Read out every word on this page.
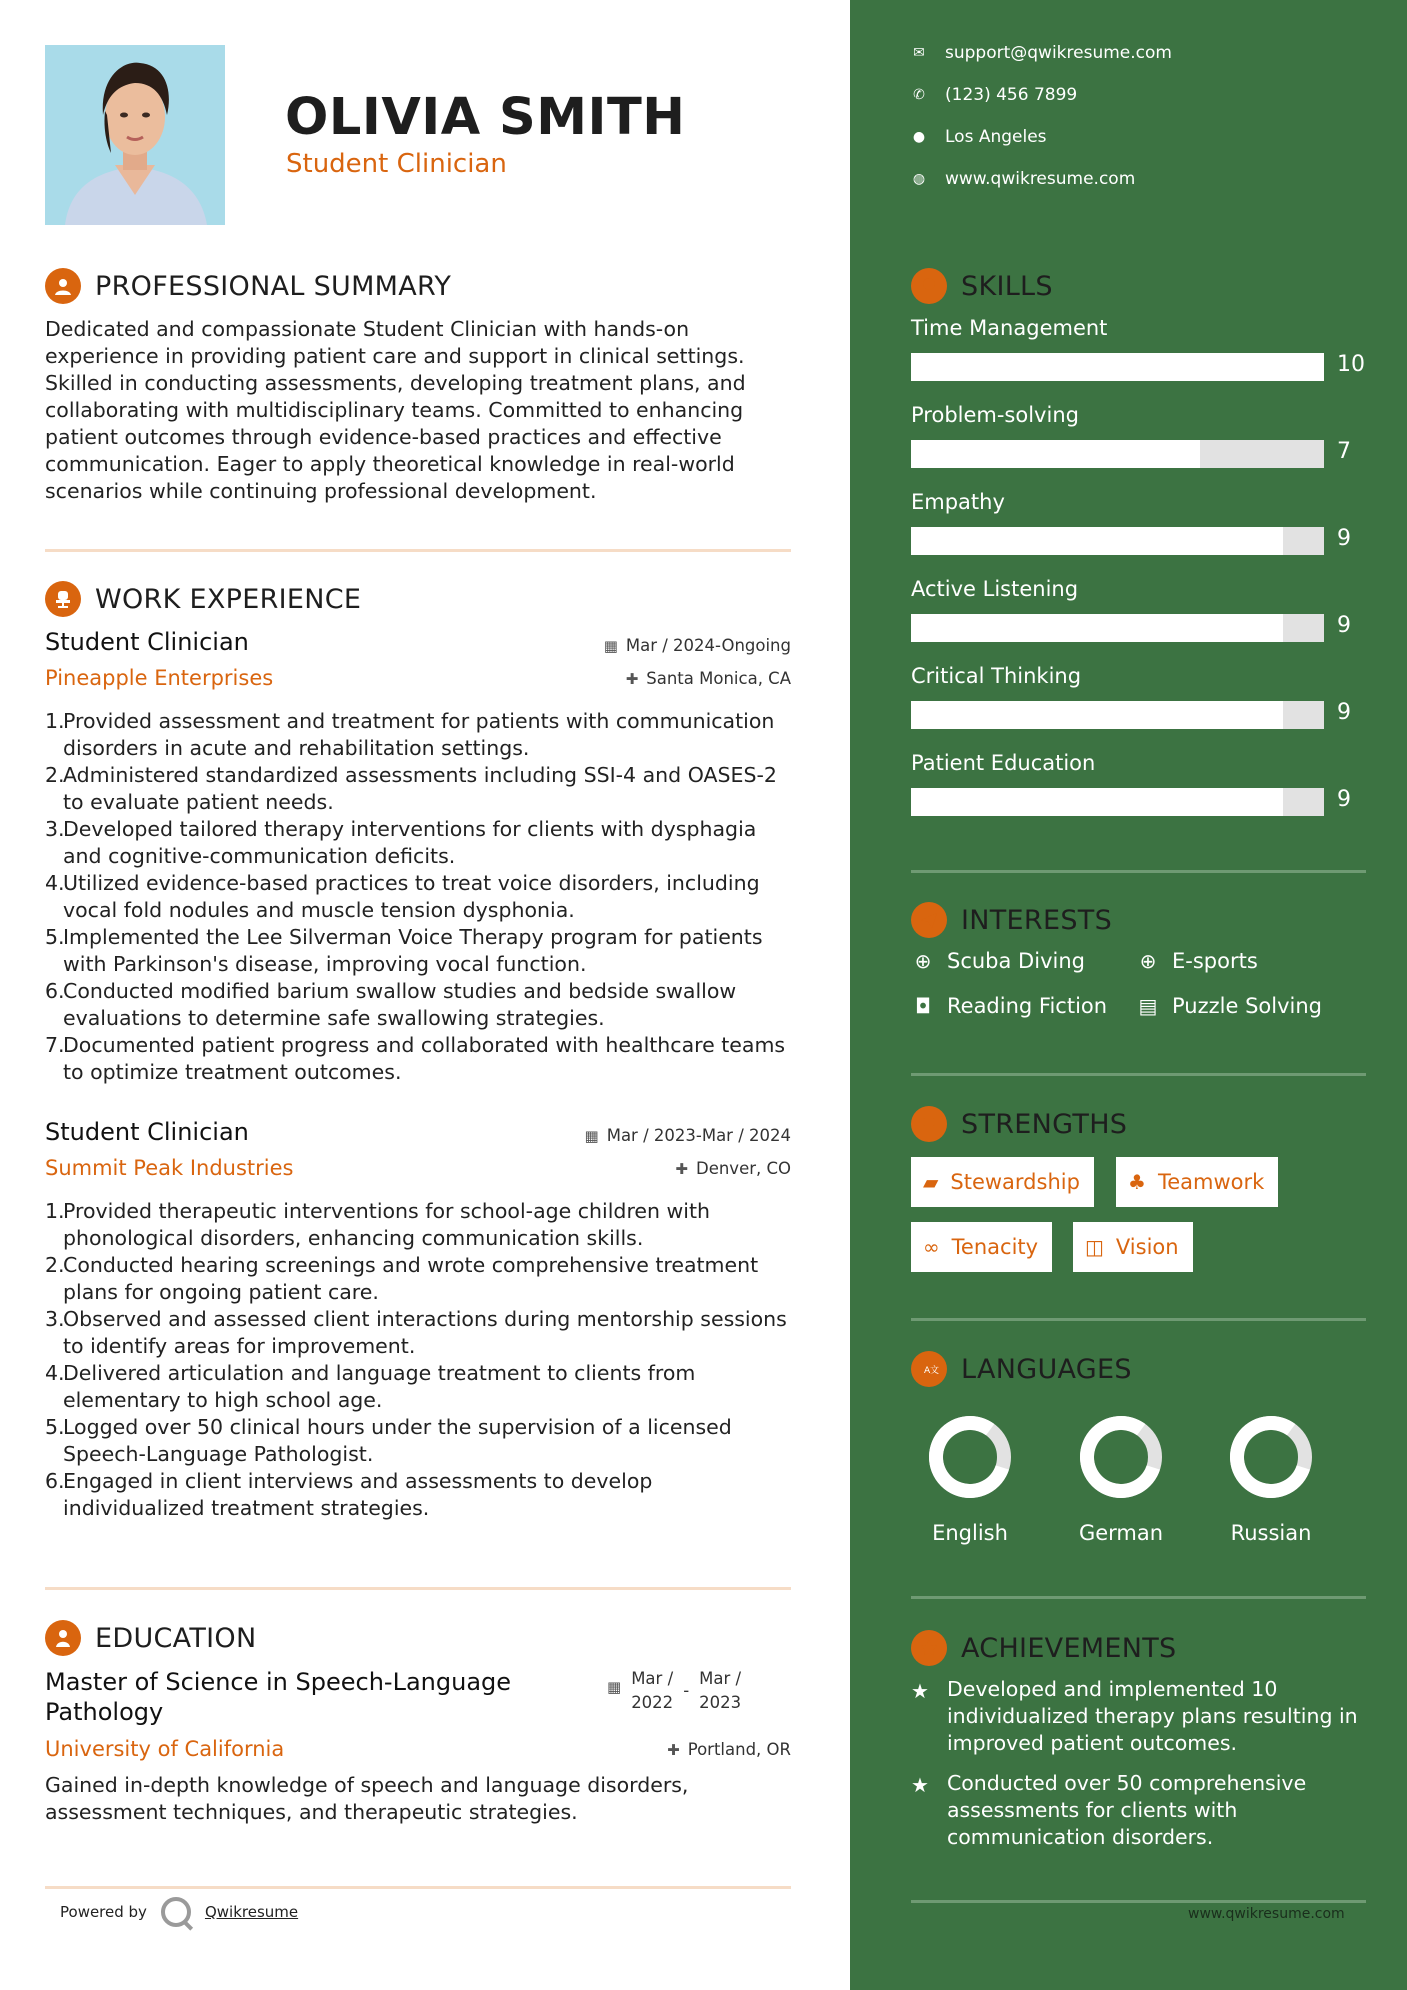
OLIVIA SMITH
Student Clinician
PROFESSIONAL SUMMARY
Dedicated and compassionate Student Clinician with hands-on experience in providing patient care and support in clinical settings. Skilled in conducting assessments, developing treatment plans, and collaborating with multidisciplinary teams. Committed to enhancing patient outcomes through evidence-based practices and effective communication. Eager to apply theoretical knowledge in real-world scenarios while continuing professional development.
WORK EXPERIENCE
Student Clinician	▦ Mar / 2024-Ongoing
Pineapple Enterprises	✚ Santa Monica, CA
1.
Provided assessment and treatment for patients with communication disorders in acute and rehabilitation settings.
2.
Administered standardized assessments including SSI-4 and OASES-2 to evaluate patient needs.
3.
Developed tailored therapy interventions for clients with dysphagia and cognitive-communication deficits.
4.
Utilized evidence-based practices to treat voice disorders, including vocal fold nodules and muscle tension dysphonia.
5.
Implemented the Lee Silverman Voice Therapy program for patients with Parkinson's disease, improving vocal function.
6.
Conducted modified barium swallow studies and bedside swallow evaluations to determine safe swallowing strategies.
7.
Documented patient progress and collaborated with healthcare teams to optimize treatment outcomes.
Student Clinician	▦ Mar / 2023-Mar / 2024
Summit Peak Industries	✚ Denver, CO
1.
Provided therapeutic interventions for school-age children with phonological disorders, enhancing communication skills.
2.
Conducted hearing screenings and wrote comprehensive treatment plans for ongoing patient care.
3.
Observed and assessed client interactions during mentorship sessions to identify areas for improvement.
4.
Delivered articulation and language treatment to clients from elementary to high school age.
5.
Logged over 50 clinical hours under the supervision of a licensed Speech-Language Pathologist.
6.
Engaged in client interviews and assessments to develop individualized treatment strategies.
EDUCATION
Master of Science in Speech-Language Pathology
▦ Mar /
2022
-
Mar /
2023
University of California	✚ Portland, OR
Gained in-depth knowledge of speech and language disorders, assessment techniques, and therapeutic strategies.
Powered by	Qwikresume
✉ support@qwikresume.com
✆ (123) 456 7899
● Los Angeles
◍ www.qwikresume.com
SKILLS
Time Management
10
Problem-solving
7
Empathy
9
Active Listening
9
Critical Thinking
9
Patient Education
9
INTERESTS
⊕ Scuba Diving	⊕ E-sports
◘ Reading Fiction ▤ Puzzle Solving
STRENGTHS
▰ Stewardship ♣ Teamwork
∞ Tenacity ◫ Vision
A 文 LANGUAGES
English	German	Russian
ACHIEVEMENTS
★ Developed and implemented 10 individualized therapy plans resulting in improved patient outcomes.
★ Conducted over 50 comprehensive assessments for clients with communication disorders.
www.qwikresume.com
